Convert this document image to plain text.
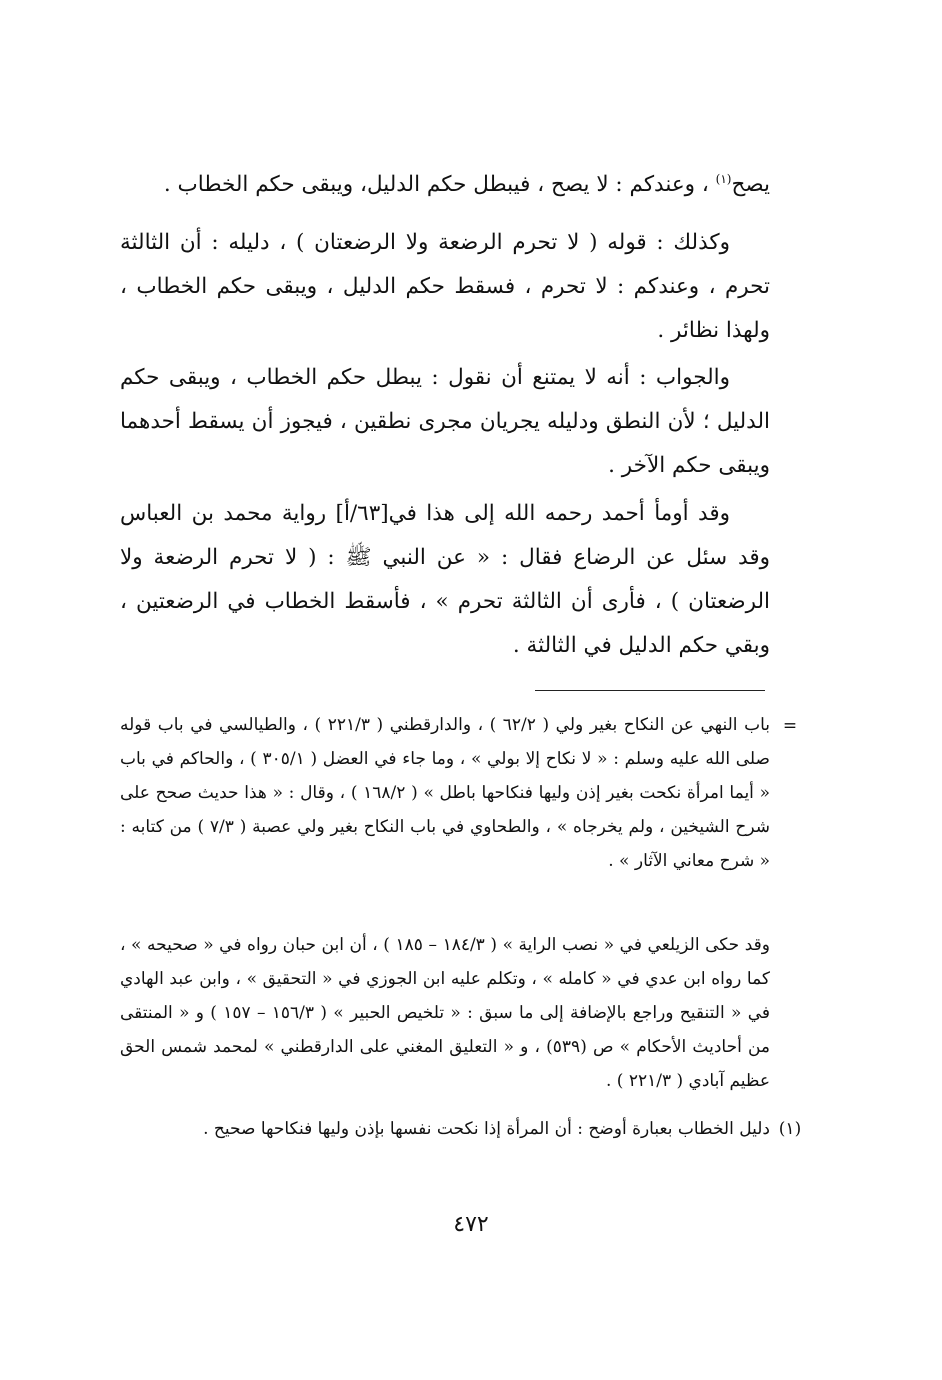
يصح$^{(١)}$ ، وعندكم : لا يصح ، فيبطل حكم الدليل، ويبقى حكم الخطاب .

وكذلك : قوله ( لا تحرم الرضعة ولا الرضعتان ) ، دليله : أن الثالثة تحرم ، وعندكم : لا تحرم ، فسقط حكم الدليل ، ويبقى حكم الخطاب ، ولهذا نظائر .

والجواب : أنه لا يمتنع أن نقول : يبطل حكم الخطاب ، ويبقى حكم الدليل ؛ لأن النطق ودليله يجريان مجرى نطقين ، فيجوز أن يسقط أحدهما ويبقى حكم الآخر .

وقد أومأ أحمد رحمه الله إلى هذا في[٦٣/أ] رواية محمد بن العباس وقد سئل عن الرضاع فقال : « عن النبي ﷺ : ( لا تحرم الرضعة ولا الرضعتان ) ، فأرى أن الثالثة تحرم » ، فأسقط الخطاب في الرضعتين ، وبقي حكم الدليل في الثالثة .

=

باب النهي عن النكاح بغير ولي ( ٦٢/٢ ) ، والدارقطني ( ٢٢١/٣ ) ، والطيالسي في باب قوله صلى الله عليه وسلم : « لا نكاح إلا بولي » ، وما جاء في العضل ( ٣٠٥/١ ) ، والحاكم في باب « أيما امرأة نكحت بغير إذن وليها فنكاحها باطل » ( ١٦٨/٢ ) ، وقال : « هذا حديث صحح على شرح الشيخين ، ولم يخرجاه » ، والطحاوي في باب النكاح بغير ولي عصبة ( ٧/٣ ) من كتابه : « شرح معاني الآثار » .

وقد حكى الزيلعي في « نصب الراية » ( ١٨٤/٣ – ١٨٥ ) ، أن ابن حبان رواه في « صحيحه » ، كما رواه ابن عدي في « كامله » ، وتكلم عليه ابن الجوزي في « التحقيق » ، وابن عبد الهادي في « التنقيح وراجع بالإضافة إلى ما سبق : « تلخيص الحبير » ( ١٥٦/٣ – ١٥٧ ) و « المنتقى من أحاديث الأحكام » ص (٥٣٩) ، و « التعليق المغني على الدارقطني » لمحمد شمس الحق عظيم آبادي ( ٢٢١/٣ ) .

(١)

دليل الخطاب بعبارة أوضح : أن المرأة إذا نكحت نفسها بإذن وليها فنكاحها صحيح .

٤٧٢
